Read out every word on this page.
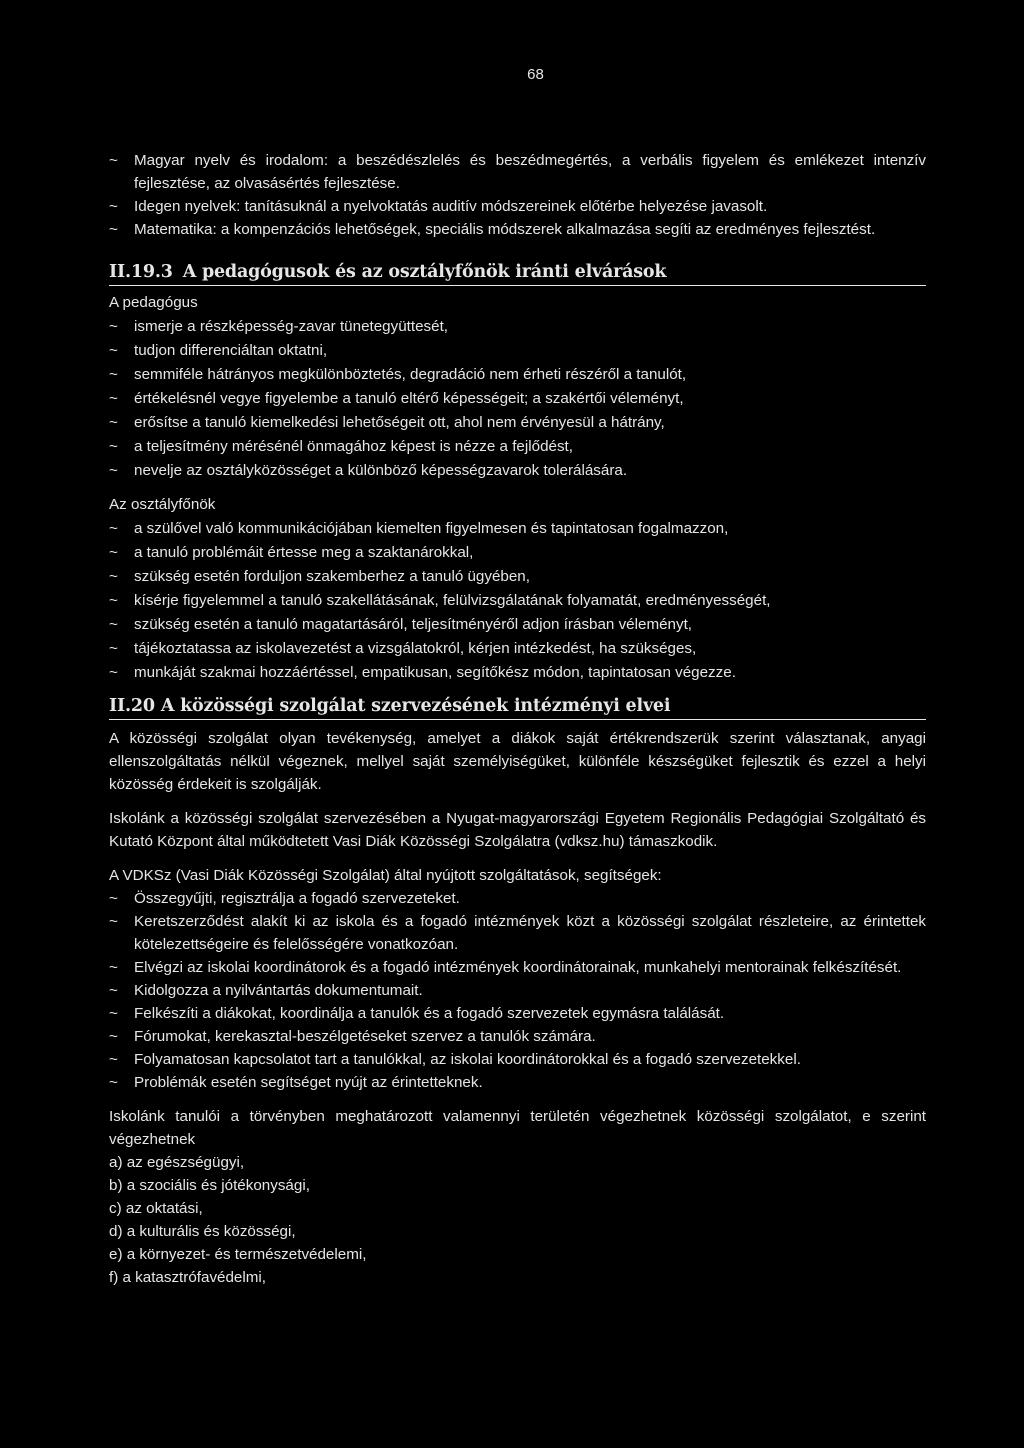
68
~ Magyar nyelv és irodalom: a beszédészlelés és beszédmegértés, a verbális figyelem és emlékezet intenzív fejlesztése, az olvasásértés fejlesztése.
~ Idegen nyelvek: tanításuknál a nyelvoktatás auditív módszereinek előtérbe helyezése javasolt.
~ Matematika: a kompenzációs lehetőségek, speciális módszerek alkalmazása segíti az eredményes fejlesztést.
II.19.3 A pedagógusok és az osztályfőnök iránti elvárások

A pedagógus

~ ismerje a részképesség-zavar tünetegyüttesét,
~ tudjon differenciáltan oktatni,
~ semmiféle hátrányos megkülönböztetés, degradáció nem érheti részéről a tanulót,
~ értékelésnél vegye figyelembe a tanuló eltérő képességeit; a szakértői véleményt,
~ erősítse a tanuló kiemelkedési lehetőségeit ott, ahol nem érvényesül a hátrány,
~ a teljesítmény mérésénél önmagához képest is nézze a fejlődést,
~ nevelje az osztályközösséget a különböző képességzavarok tolerálására.

Az osztályfőnök

~ a szülővel való kommunikációjában kiemelten figyelmesen és tapintatosan fogalmazzon,
~ a tanuló problémáit értesse meg a szaktanárokkal,
~ szükség esetén forduljon szakemberhez a tanuló ügyében,
~ kísérje figyelemmel a tanuló szakellátásának, felülvizsgálatának folyamatát, eredményességét,
~ szükség esetén a tanuló magatartásáról, teljesítményéről adjon írásban véleményt,
~ tájékoztatassa az iskolavezetést a vizsgálatokról, kérjen intézkedést, ha szükséges,
~ munkáját szakmai hozzáértéssel, empatikusan, segítőkész módon, tapintatosan végezze.
II.20 A közösségi szolgálat szervezésének intézményi elvei

A közösségi szolgálat olyan tevékenység, amelyet a diákok saját értékrendszerük szerint választanak, anyagi ellenszolgáltatás nélkül végeznek, mellyel saját személyiségüket, különféle készségüket fejlesztik és ezzel a helyi közösség érdekeit is szolgálják.

Iskolánk a közösségi szolgálat szervezésében a Nyugat-magyarországi Egyetem Regionális Pedagógiai Szolgáltató és Kutató Központ által működtetett Vasi Diák Közösségi Szolgálatra (vdksz.hu) támaszkodik.

A VDKSz (Vasi Diák Közösségi Szolgálat) által nyújtott szolgáltatások, segítségek:

~ Összegyűjti, regisztrálja a fogadó szervezeteket.
~ Keretszerződést alakít ki az iskola és a fogadó intézmények közt a közösségi szolgálat részleteire, az érintettek kötelezettségeire és felelősségére vonatkozóan.
~ Elvégzi az iskolai koordinátorok és a fogadó intézmények koordinátorainak, munkahelyi mentorainak felkészítését.
~ Kidolgozza a nyilvántartás dokumentumait.
~ Felkészíti a diákokat, koordinálja a tanulók és a fogadó szervezetek egymásra találását.
~ Fórumokat, kerekasztal-beszélgetéseket szervez a tanulók számára.
~ Folyamatosan kapcsolatot tart a tanulókkal, az iskolai koordinátorokkal és a fogadó szervezetekkel.
~ Problémák esetén segítséget nyújt az érintetteknek.

Iskolánk tanulói a törvényben meghatározott valamennyi területén végezhetnek közösségi szolgálatot, e szerint végezhetnek

a) az egészségügyi,
b) a szociális és jótékonysági,
c) az oktatási,
d) a kulturális és közösségi,
e) a környezet- és természetvédelemi,
f) a katasztrófavédelmi,
